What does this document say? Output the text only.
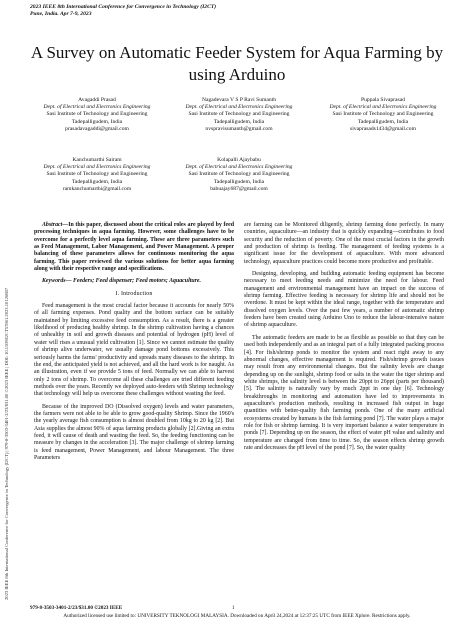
2023 IEEE 8th International Conference for Convergence in Technology (I2CT)
Pune, India. Apr 7-9, 2023
2023 IEEE 8th International Conference for Convergence in Technology (I2CT) | 979-8-3503-3401-2/23/$31.00 ©2023 IEEE | DOI: 10.1109/I2CT57861.2023.10126887
A Survey on Automatic Feeder System for Aqua Farming by using Arduino
Avagaddi Prasad
Dept. of Electrical and Electronics Engineering
Sasi Institute of Technology and Engineering
Tadepalligudem, India
prasadavagaddi@gmail.com
Nagadevara V S P Ravi Sumanth
Dept. of Electrical and Electronics Engineering
Sasi Institute of Technology and Engineering
Tadepalligudem, India
nvspravisumanth@gmail.com
Puppala Sivaprasad
Dept. of Electrical and Electronics Engineering
Sasi Institute of Technology and Engineering
Tadepalligudem, India
sivaprasads1434@gmail.com
Kanchumarthi Sairam
Dept. of Electrical and Electronics Engineering
Sasi Institute of Technology and Engineering
Tadepalligudem, India
ramkanchumarthi@gmail.com
Kolapalli Ajaybabu
Dept. of Electrical and Electronics Engineering
Sasi Institute of Technology and Engineering
Tadepalligudem, India
babuajay687@gmail.com

Abstract—In this paper, discussed about the critical roles are played by feed processing techniques in aqua farming. However, some challenges have to be overcome for a perfectly level aqua farming. These are three parameters such as Feed Management, Labor Management, and Power Management. A proper balancing of these parameters allows for continuous monitoring the aqua farming. This paper reviewed the various solutions for better aqua farming along with their respective range and specifications.

Keywords— Feeders; Feed dispenser; Feed motors; Aquaculture.

I. Introduction

Feed management is the most crucial factor because it accounts for nearly 50% of all farming expenses. Pond quality and the bottom surface can be suitably maintained by limiting excessive feed consumption. As a result, there is a greater likelihood of producing healthy shrimp. In the shrimp cultivation having a chances of unhealthy in soil and growth diseases and potential of hydrogen (pH) level of water will rises a unusual yield cultivation [1]. Since we cannot estimate the quality of shrimp alive underwater, we usually damage pond bottoms excessively. This seriously harms the farms' productivity and spreads many diseases to the shrimp. In the end, the anticipated yield is not achieved, and all the hard work is for naught. As an illustration, even if we provide 5 tons of feed. Normally we can able to harvest only 2 tons of shrimp. To overcome all these challenges are tried different feeding methods over the years. Recently we deployed auto-feeders with Shrimp technology that technology will help us overcome these challenges without wasting the feed.

Because of the improved DO (Dissolved oxygen) levels and water parameters, the farmers were not able to be able to grow good-quality Shrimp. Since the 1960's the yearly average fish consumption is almost doubled from 10kg to 20 kg [2]. But Asia supplies the almost 90% of aqua farming products globally [2].Giving an extra feed, it will cause of death and wasting the feed. So, the feeding functioning can be measure by changes in the acceleration [3]. The major challenge of shrimp farming is feed management, Power Management, and labour Management. The three Parameters

are farming can be Monitored diligently, shrimp farming done perfectly. In many countries, aquaculture—an industry that is quickly expanding—contributes to food security and the reduction of poverty. One of the most crucial factors in the growth and production of shrimp is feeding. The management of feeding systems is a significant issue for the development of aquaculture. With more advanced technology, aquaculture practices could become more productive and profitable.

Designing, developing, and building automatic feeding equipment has become necessary to meet feeding needs and minimize the need for labour. Feed management and environmental management have an impact on the success of shrimp farming. Effective feeding is necessary for shrimp life and should not be overdone. It must be kept within the ideal range, together with the temperature and dissolved oxygen levels. Over the past few years, a number of automatic shrimp feeders have been created using Arduino Uno to reduce the labour-intensive nature of shrimp aquaculture.

The automatic feeders are made to be as flexible as possible so that they can be used both independently and as an integral part of a fully integrated packing process [4]. For fish/shrimp ponds to monitor the system and react right away to any abnormal changes, effective management is required. Fish/shrimp growth issues may result from any environmental changes. But the salinity levels are change depending up on the sunlight, shrimp food or salts in the water the tiger shrimp and white shrimps, the salinity level is between the 20ppt to 26ppt (parts per thousand) [5]. The salinity is naturally vary by much 2ppt in one day [6]. Technology breakthroughs in monitoring and automation have led to improvements in aquaculture's production methods, resulting in increased fish output in huge quantities with better-quality fish farming ponds. One of the many artificial ecosystems created by humans is the fish farming pond [7]. The water plays a major role for fish or shrimp farming. It is very important balance a water temperature in ponds [7]. Depending up on the season, the effect of water pH value and salinity and temperature are changed from time to time. So, the season effects shrimp growth rate and decreases the pH level of the pond [7]. So, the water quality

979-8-3503-3401-2/23/$31.00 ©2023 IEEE	1
Authorized licensed use limited to: UNIVERSITY TEKNOLOGI MALAYSIA. Downloaded on April 24,2024 at 12:37:25 UTC from IEEE Xplore. Restrictions apply.
